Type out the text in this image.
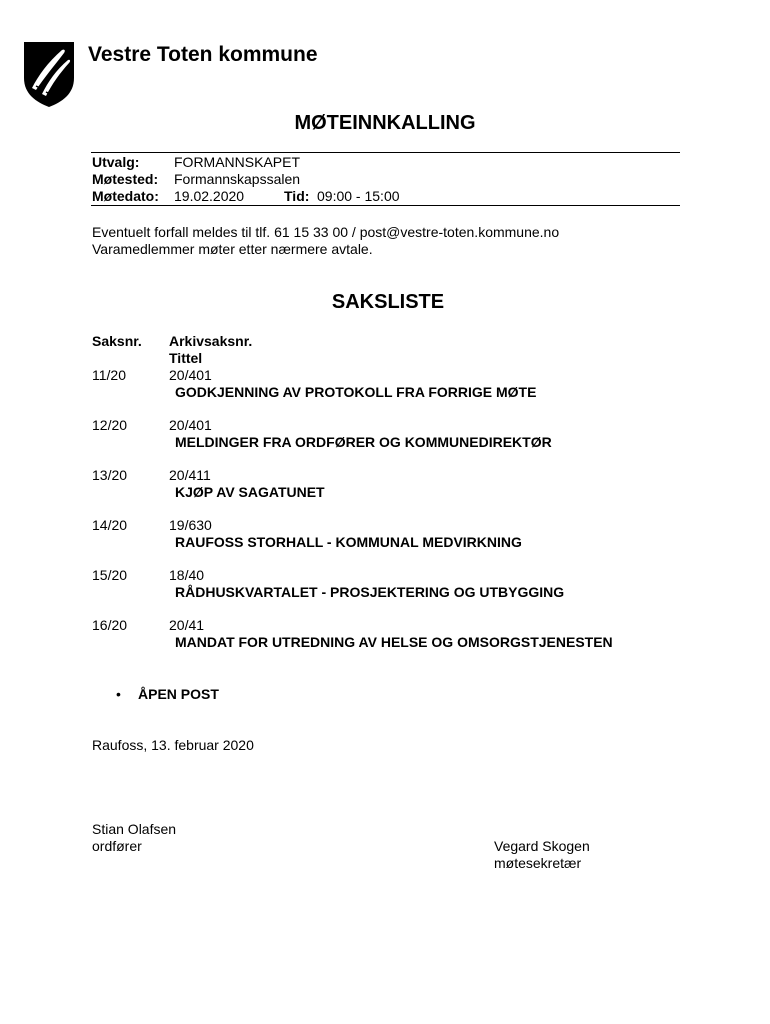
Vestre Toten kommune
MØTEINNKALLING
Utvalg: FORMANNSKAPET
Møtested: Formannskapssalen
Møtedato: 19.02.2020	Tid: 09:00 - 15:00
Eventuelt forfall meldes til tlf. 61 15 33 00 / post@vestre-toten.kommune.no
Varamedlemmer møter etter nærmere avtale.
SAKSLISTE
Saksnr. Arkivsaksnr.
Tittel
11/20	20/401
GODKJENNING AV PROTOKOLL FRA FORRIGE MØTE
12/20	20/401
MELDINGER FRA ORDFØRER OG KOMMUNEDIREKTØR
13/20	20/411
KJØP AV SAGATUNET
14/20	19/630
RAUFOSS STORHALL - KOMMUNAL MEDVIRKNING
15/20	18/40
RÅDHUSKVARTALET - PROSJEKTERING OG UTBYGGING
16/20	20/41
MANDAT FOR UTREDNING AV HELSE OG OMSORGSTJENESTEN
• ÅPEN POST
Raufoss, 13. februar 2020
Stian Olafsen
ordfører	Vegard Skogen
møtesekretær
